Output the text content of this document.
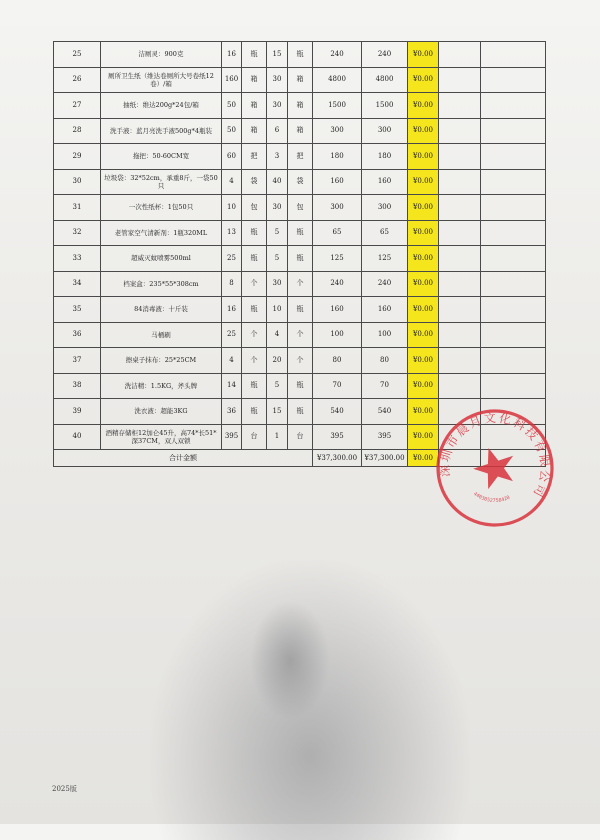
25	洁厕灵：900克	16	瓶	15	瓶	240	240	¥0.00		
26	厕所卫生纸（维达卷厕所大号卷纸12卷）/箱	160	箱	30	箱	4800	4800	¥0.00		
27	抽纸：维达200g*24包/箱	50	箱	30	箱	1500	1500	¥0.00		
28	洗手液：蓝月亮洗手液500g*4瓶装	50	箱	6	箱	300	300	¥0.00		
29	拖把：50-60CM宽	60	把	3	把	180	180	¥0.00		
30	垃圾袋：32*52cm，承重8斤，一袋50只	4	袋	40	袋	160	160	¥0.00		
31	一次性纸杯：1包50只	10	包	30	包	300	300	¥0.00		
32	老管家空气清新剂：1瓶320ML	13	瓶	5	瓶	65	65	¥0.00		
33	超威灭蚊喷雾500ml	25	瓶	5	瓶	125	125	¥0.00		
34	档案盒：235*55*308cm	8	个	30	个	240	240	¥0.00		
35	84消毒液：十斤装	16	瓶	10	瓶	160	160	¥0.00		
36	马桶刷	25	个	4	个	100	100	¥0.00		
37	擦桌子抹布：25*25CM	4	个	20	个	80	80	¥0.00		
38	洗洁精：1.5KG，斧头牌	14	瓶	5	瓶	70	70	¥0.00		
39	洗衣液：超能3KG	36	瓶	15	瓶	540	540	¥0.00		
40	酒精存储柜12加仑45升，高74*长51*深37CM，双人双锁	395	台	1	台	395	395	¥0.00		
合计金额						¥37,300.00	¥37,300.00	¥0.00		
深圳市晨月文化科技有限公司
4403052758420
2025版
